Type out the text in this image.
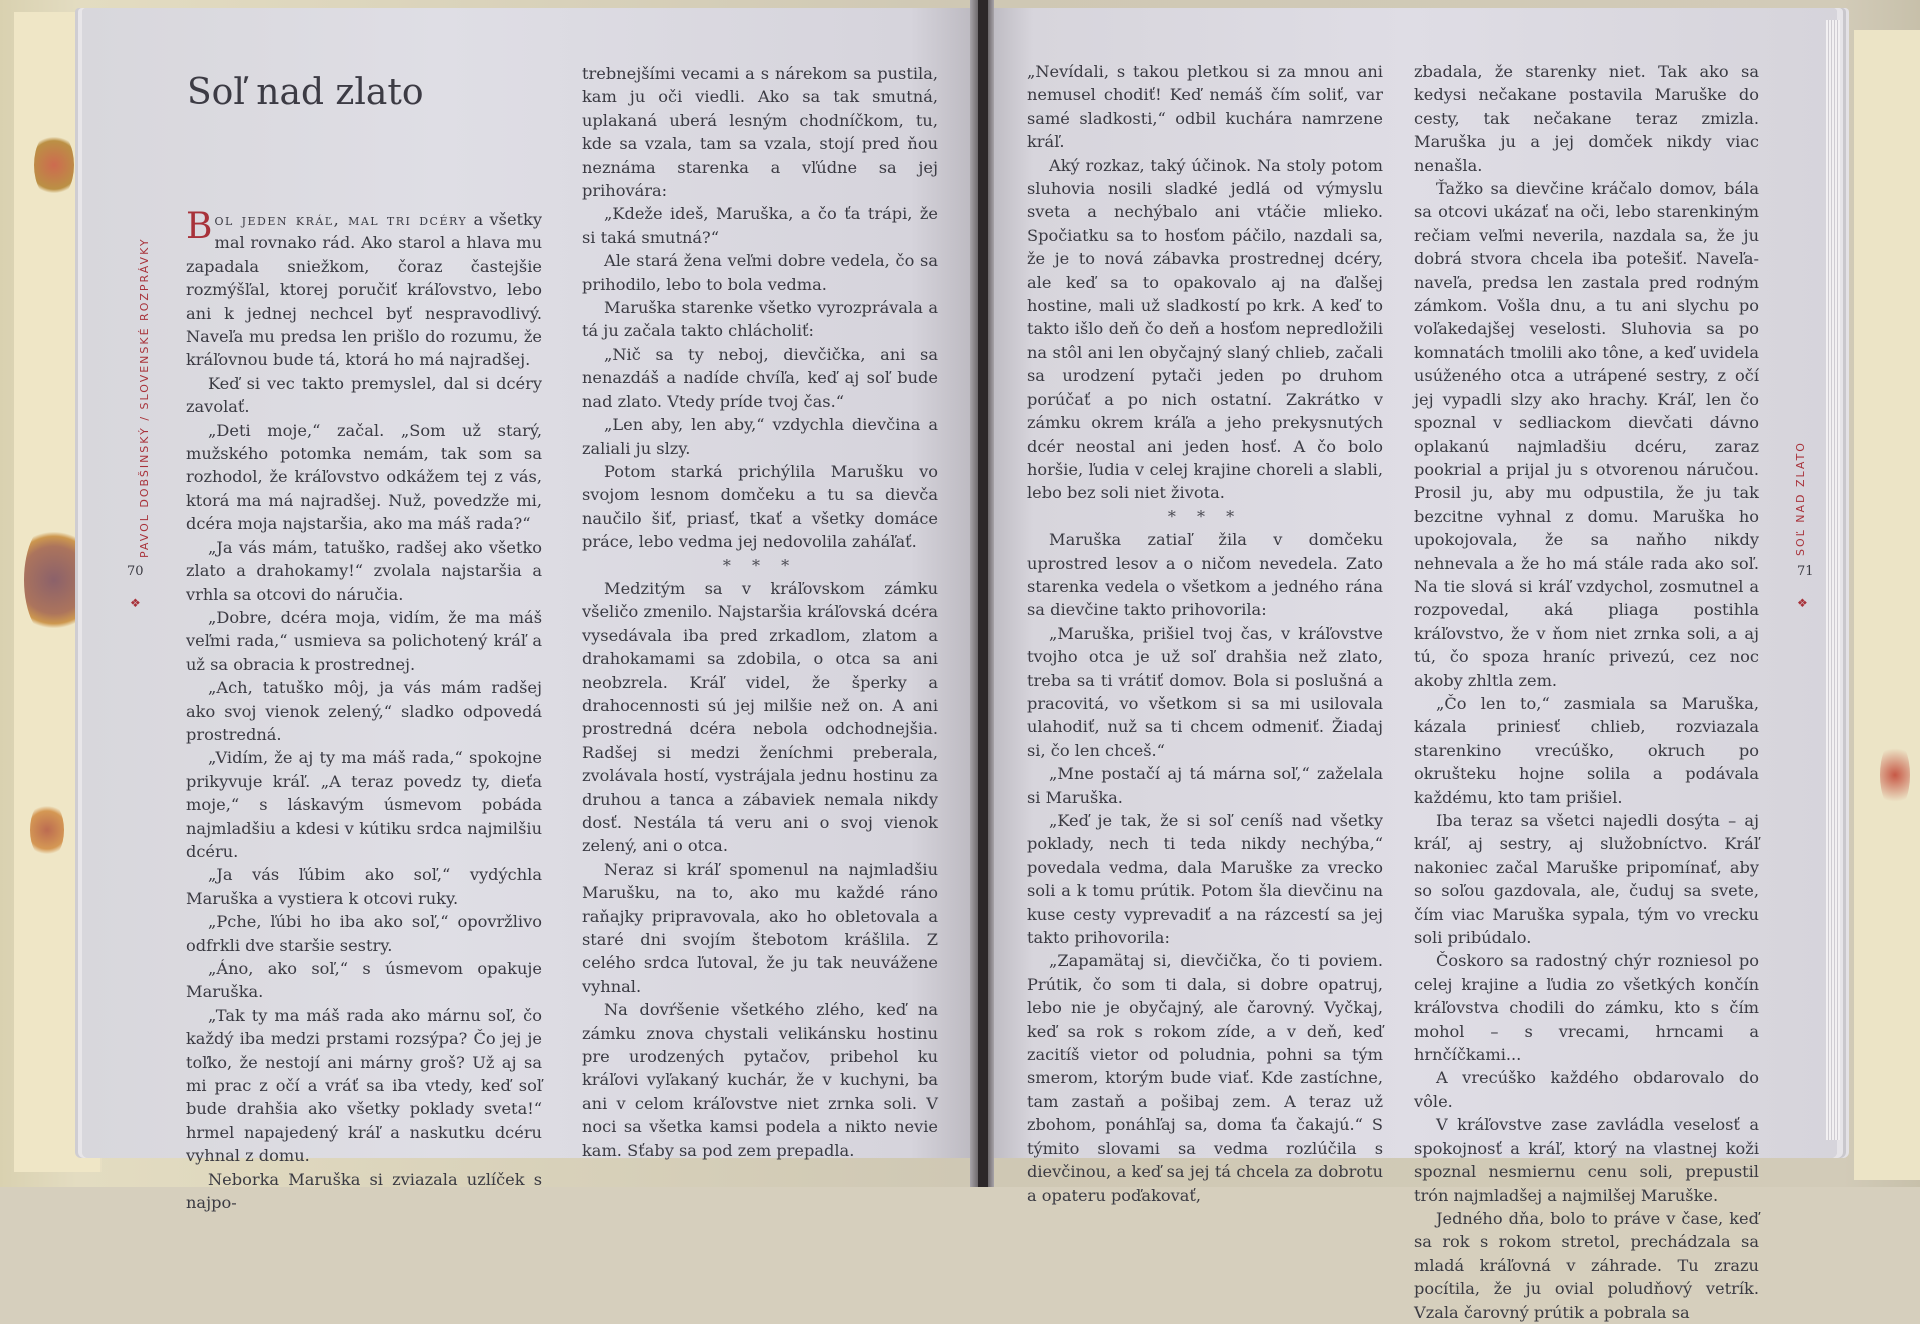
Soľ nad zlato
PAVOL DOBŠINSKÝ / SLOVENSKÉ ROZPRÁVKY
70
❖

Bol jeden kráľ, mal tri dcéry a všetky mal rovnako rád. Ako starol a hlava mu zapadala sniežkom, čoraz častejšie rozmýšľal, ktorej poručiť kráľovstvo, lebo ani k jednej nechcel byť nespravodlivý. Naveľa mu predsa len prišlo do rozumu, že kráľovnou bude tá, ktorá ho má najradšej.

Keď si vec takto premyslel, dal si dcéry zavolať.

„Deti moje,“ začal. „Som už starý, mužského potomka nemám, tak som sa rozhodol, že kráľovstvo odkážem tej z vás, ktorá ma má najradšej. Nuž, povedzže mi, dcéra moja najstaršia, ako ma máš rada?“

„Ja vás mám, tatuško, radšej ako všetko zlato a drahokamy!“ zvolala najstaršia a vrhla sa otcovi do náručia.

„Dobre, dcéra moja, vidím, že ma máš veľmi rada,“ usmieva sa polichotený kráľ a už sa obracia k prostrednej.

„Ach, tatuško môj, ja vás mám radšej ako svoj vienok zelený,“ sladko odpovedá prostredná.

„Vidím, že aj ty ma máš rada,“ spokojne prikyvuje kráľ. „A teraz povedz ty, dieťa moje,“ s láskavým úsmevom pobáda najmladšiu a kdesi v kútiku srdca najmilšiu dcéru.

„Ja vás ľúbim ako soľ,“ vydýchla Maruška a vystiera k otcovi ruky.

„Pche, ľúbi ho iba ako soľ,“ opovržlivo odfrkli dve staršie sestry.

„Áno, ako soľ,“ s úsmevom opakuje Maruška.

„Tak ty ma máš rada ako márnu soľ, čo každý iba medzi prstami rozsýpa? Čo jej je toľko, že nestojí ani márny groš? Už aj sa mi prac z očí a vráť sa iba vtedy, keď soľ bude drahšia ako všetky poklady sveta!“ hrmel napajedený kráľ a naskutku dcéru vyhnal z domu.

Neborka Maruška si zviazala uzlíček s najpo-

trebnejšími vecami a s nárekom sa pustila, kam ju oči viedli. Ako sa tak smutná, uplakaná uberá lesným chodníčkom, tu, kde sa vzala, tam sa vzala, stojí pred ňou neznáma starenka a vľúdne sa jej prihovára:

„Kdeže ideš, Maruška, a čo ťa trápi, že si taká smutná?“

Ale stará žena veľmi dobre vedela, čo sa prihodilo, lebo to bola vedma.

Maruška starenke všetko vyrozprávala a tá ju začala takto chlácholiť:

„Nič sa ty neboj, dievčička, ani sa nenazdáš a nadíde chvíľa, keď aj soľ bude nad zlato. Vtedy príde tvoj čas.“

„Len aby, len aby,“ vzdychla dievčina a zaliali ju slzy.

Potom starká prichýlila Marušku vo svojom lesnom domčeku a tu sa dievča naučilo šiť, priasť, tkať a všetky domáce práce, lebo vedma jej nedovolila zaháľať.

* * *

Medzitým sa v kráľovskom zámku všeličo zmenilo. Najstaršia kráľovská dcéra vysedávala iba pred zrkadlom, zlatom a drahokamami sa zdobila, o otca sa ani neobzrela. Kráľ videl, že šperky a drahocennosti sú jej milšie než on. A ani prostredná dcéra nebola odchodnejšia. Radšej si medzi ženíchmi preberala, zvolávala hostí, vystrájala jednu hostinu za druhou a tanca a zábaviek nemala nikdy dosť. Nestála tá veru ani o svoj vienok zelený, ani o otca.

Neraz si kráľ spomenul na najmladšiu Marušku, na to, ako mu každé ráno raňajky pripravovala, ako ho obletovala a staré dni svojím štebotom krášlila. Z celého srdca ľutoval, že ju tak neuvážene vyhnal.

Na dovŕšenie všetkého zlého, keď na zámku znova chystali velikánsku hostinu pre urodzených pytačov, pribehol ku kráľovi vyľakaný kuchár, že v kuchyni, ba ani v celom kráľovstve niet zrnka soli. V noci sa všetka kamsi podela a nikto nevie kam. Sťaby sa pod zem prepadla.

„Nevídali, s takou pletkou si za mnou ani nemusel chodiť! Keď nemáš čím soliť, var samé sladkosti,“ odbil kuchára namrzene kráľ.

Aký rozkaz, taký účinok. Na stoly potom sluhovia nosili sladké jedlá od výmyslu sveta a nechýbalo ani vtáčie mlieko. Spočiatku sa to hosťom páčilo, nazdali sa, že je to nová zábavka prostrednej dcéry, ale keď sa to opakovalo aj na ďalšej hostine, mali už sladkostí po krk. A keď to takto išlo deň čo deň a hosťom nepredložili na stôl ani len obyčajný slaný chlieb, začali sa urodzení pytači jeden po druhom porúčať a po nich ostatní. Zakrátko v zámku okrem kráľa a jeho prekysnutých dcér neostal ani jeden hosť. A čo bolo horšie, ľudia v celej krajine choreli a slabli, lebo bez soli niet života.

* * *

Maruška zatiaľ žila v domčeku uprostred lesov a o ničom nevedela. Zato starenka vedela o všetkom a jedného rána sa dievčine takto prihovorila:

„Maruška, prišiel tvoj čas, v kráľovstve tvojho otca je už soľ drahšia než zlato, treba sa ti vrátiť domov. Bola si poslušná a pracovitá, vo všetkom si sa mi usilovala ulahodiť, nuž sa ti chcem odmeniť. Žiadaj si, čo len chceš.“

„Mne postačí aj tá márna soľ,“ zaželala si Maruška.

„Keď je tak, že si soľ ceníš nad všetky poklady, nech ti teda nikdy nechýba,“ povedala vedma, dala Maruške za vrecko soli a k tomu prútik. Potom šla dievčinu na kuse cesty vyprevadiť a na rázcestí sa jej takto prihovorila:

„Zapamätaj si, dievčička, čo ti poviem. Prútik, čo som ti dala, si dobre opatruj, lebo nie je obyčajný, ale čarovný. Vyčkaj, keď sa rok s rokom zíde, a v deň, keď zacitíš vietor od poludnia, pohni sa tým smerom, ktorým bude viať. Kde zastíchne, tam zastaň a pošibaj zem. A teraz už zbohom, ponáhľaj sa, doma ťa čakajú.“ S týmito slovami sa vedma rozlúčila s dievčinou, a keď sa jej tá chcela za dobrotu a opateru poďakovať,

zbadala, že starenky niet. Tak ako sa kedysi nečakane postavila Maruške do cesty, tak nečakane teraz zmizla. Maruška ju a jej domček nikdy viac nenašla.

Ťažko sa dievčine kráčalo domov, bála sa otcovi ukázať na oči, lebo starenkiným rečiam veľmi neverila, nazdala sa, že ju dobrá stvora chcela iba potešiť. Naveľa-naveľa, predsa len zastala pred rodným zámkom. Vošla dnu, a tu ani slychu po voľakedajšej veselosti. Sluhovia sa po komnatách tmolili ako tône, a keď uvidela usúženého otca a utrápené sestry, z očí jej vypadli slzy ako hrachy. Kráľ, len čo spoznal v sedliackom dievčati dávno oplakanú najmladšiu dcéru, zaraz pookrial a prijal ju s otvorenou náručou. Prosil ju, aby mu odpustila, že ju tak bezcitne vyhnal z domu. Maruška ho upokojovala, že sa naňho nikdy nehnevala a že ho má stále rada ako soľ. Na tie slová si kráľ vzdychol, zosmutnel a rozpovedal, aká pliaga postihla kráľovstvo, že v ňom niet zrnka soli, a aj tú, čo spoza hraníc privezú, cez noc akoby zhltla zem.

„Čo len to,“ zasmiala sa Maruška, kázala priniesť chlieb, rozviazala starenkino vrecúško, okruch po okrušteku hojne solila a podávala každému, kto tam prišiel.

Iba teraz sa všetci najedli dosýta – aj kráľ, aj sestry, aj služobníctvo. Kráľ nakoniec začal Maruške pripomínať, aby so soľou gazdovala, ale, čuduj sa svete, čím viac Maruška sypala, tým vo vrecku soli pribúdalo.

Čoskoro sa radostný chýr rozniesol po celej krajine a ľudia zo všetkých končín kráľovstva chodili do zámku, kto s čím mohol – s vrecami, hrncami a hrnčíčkami...

A vrecúško každého obdarovalo do vôle.

V kráľovstve zase zavládla veselosť a spokojnosť a kráľ, ktorý na vlastnej koži spoznal nesmiernu cenu soli, prepustil trón najmladšej a najmilšej Maruške.

Jedného dňa, bolo to práve v čase, keď sa rok s rokom stretol, prechádzala sa mladá kráľovná v záhrade. Tu zrazu pocítila, že ju ovial poludňový vetrík. Vzala čarovný prútik a pobrala sa

SOĽ NAD ZLATO
71
❖
